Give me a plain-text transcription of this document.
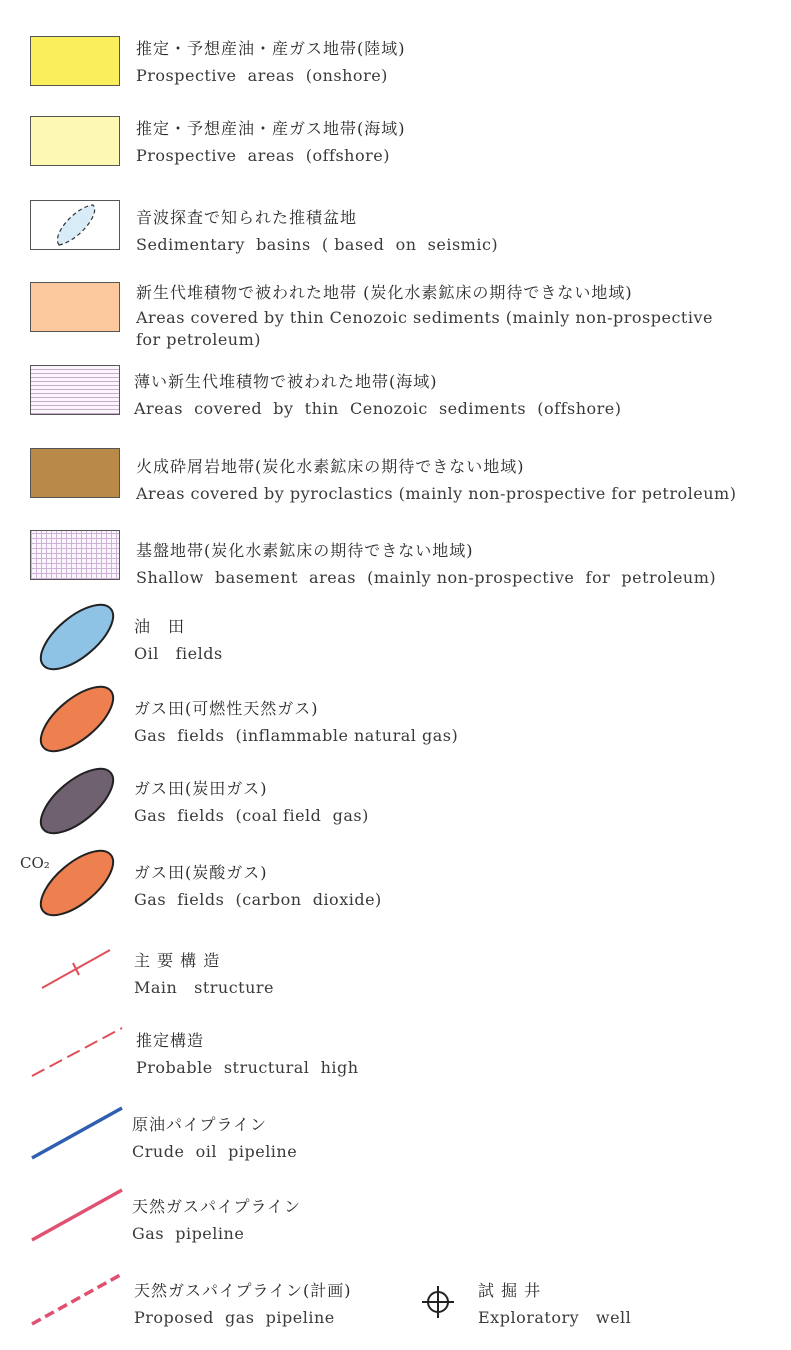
推定・予想産油・産ガス地帯(陸域)
Prospective  areas  (onshore)
推定・予想産油・産ガス地帯(海域)
Prospective  areas  (offshore)
音波探査で知られた推積盆地
Sedimentary  basins  ( based  on  seismic)
新生代堆積物で被われた地帯 (炭化水素鉱床の期待できない地域)
Areas covered by thin Cenozoic sediments (mainly non-prospective
for petroleum)
薄い新生代堆積物で被われた地帯(海域)
Areas  covered  by  thin  Cenozoic  sediments  (offshore)
火成砕屑岩地帯(炭化水素鉱床の期待できない地域)
Areas covered by pyroclastics (mainly non-prospective for petroleum)
基盤地帯(炭化水素鉱床の期待できない地域)
Shallow  basement  areas  (mainly non-prospective  for  petroleum)
油　田
Oil   fields
ガス田(可燃性天然ガス)
Gas  fields  (inflammable natural gas)
ガス田(炭田ガス)
Gas  fields  (coal field  gas)
CO₂	ガス田(炭酸ガス)
Gas  fields  (carbon  dioxide)
主 要 構 造
Main   structure
推定構造
Probable  structural  high
原油パイプライン
Crude  oil  pipeline
天然ガスパイプライン
Gas  pipeline
天然ガスパイプライン(計画)
Proposed  gas  pipeline
試 掘 井
Exploratory   well
